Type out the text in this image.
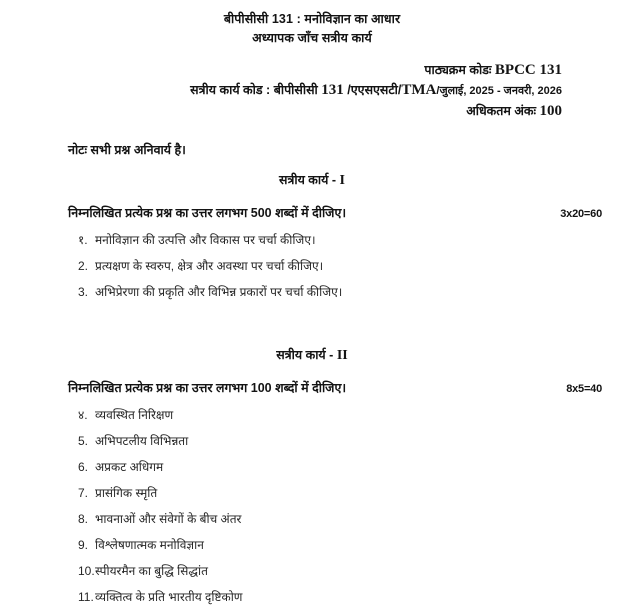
बीपीसीसी 131 : मनोविज्ञान का आधार
अध्यापक जाँच सत्रीय कार्य
पाठ्यक्रम कोडः BPCC 131
सत्रीय कार्य कोड : बीपीसीसी 131 /एएसएसटी/TMA/जुलाई, 2025 - जनवरी, 2026
अधिकतम अंकः 100
नोटः सभी प्रश्न अनिवार्य है।
सत्रीय कार्य - I
निम्नलिखित प्रत्येक प्रश्न का उत्तर लगभग 500 शब्दों में दीजिए।	3x20=60
१. मनोविज्ञान की उत्पत्ति और विकास पर चर्चा कीजिए।
2. प्रत्यक्षण के स्वरुप, क्षेत्र और अवस्था पर चर्चा कीजिए।
3. अभिप्रेरणा की प्रकृति और विभिन्न प्रकारों पर चर्चा कीजिए।
सत्रीय कार्य - II
निम्नलिखित प्रत्येक प्रश्न का उत्तर लगभग 100 शब्दों में दीजिए।	8x5=40
४. व्यवस्थित निरिक्षण
5. अभिपटलीय विभिन्नता
6. अप्रकट अधिगम
7. प्रासंगिक स्मृति
8. भावनाओं और संवेगों के बीच अंतर
9. विश्लेषणात्मक मनोविज्ञान
10. स्पीयरमैन का बुद्धि सिद्धांत
11. व्यक्तित्व के प्रति भारतीय दृष्टिकोण
